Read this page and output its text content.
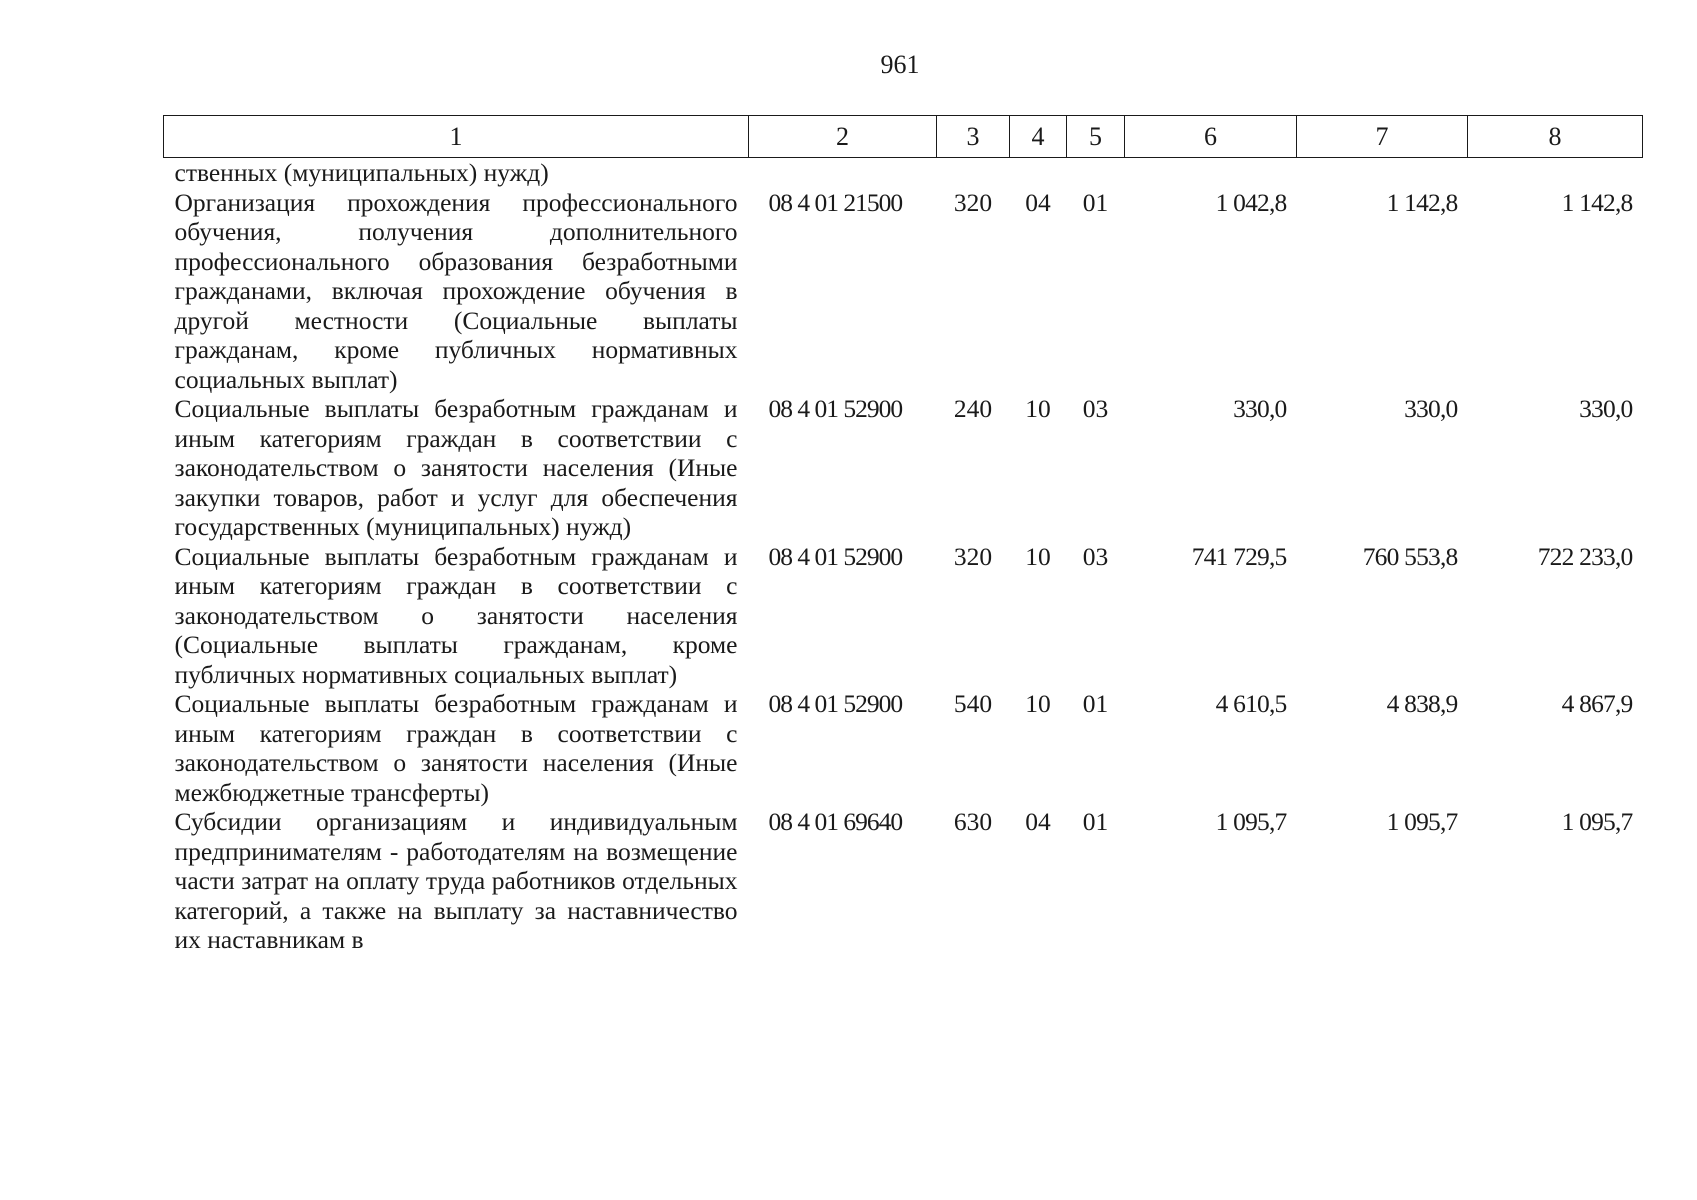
961
1	2	3	4	5	6	7	8
ственных (муниципальных) нужд)							
Организация прохождения профессионального обучения, получения дополнительного профессионального образования безработными гражданами, включая прохождение обучения в другой местности (Социальные выплаты гражданам, кроме публичных нормативных социальных выплат)	08 4 01 21500	320	04	01	1 042,8	1 142,8	1 142,8
Социальные выплаты безработным гражданам и иным категориям граждан в соответствии с законодательством о занятости населения (Иные закупки товаров, работ и услуг для обеспечения государственных (муниципальных) нужд)	08 4 01 52900	240	10	03	330,0	330,0	330,0
Социальные выплаты безработным гражданам и иным категориям граждан в соответствии с законодательством о занятости населения (Социальные выплаты гражданам, кроме публичных нормативных социальных выплат)	08 4 01 52900	320	10	03	741 729,5	760 553,8	722 233,0
Социальные выплаты безработным гражданам и иным категориям граждан в соответствии с законодательством о занятости населения (Иные межбюджетные трансферты)	08 4 01 52900	540	10	01	4 610,5	4 838,9	4 867,9
Субсидии организациям и индивидуальным предпринимателям - работодателям на возмещение части затрат на оплату труда работников отдельных категорий, а также на выплату за наставничество их наставникам в	08 4 01 69640	630	04	01	1 095,7	1 095,7	1 095,7
